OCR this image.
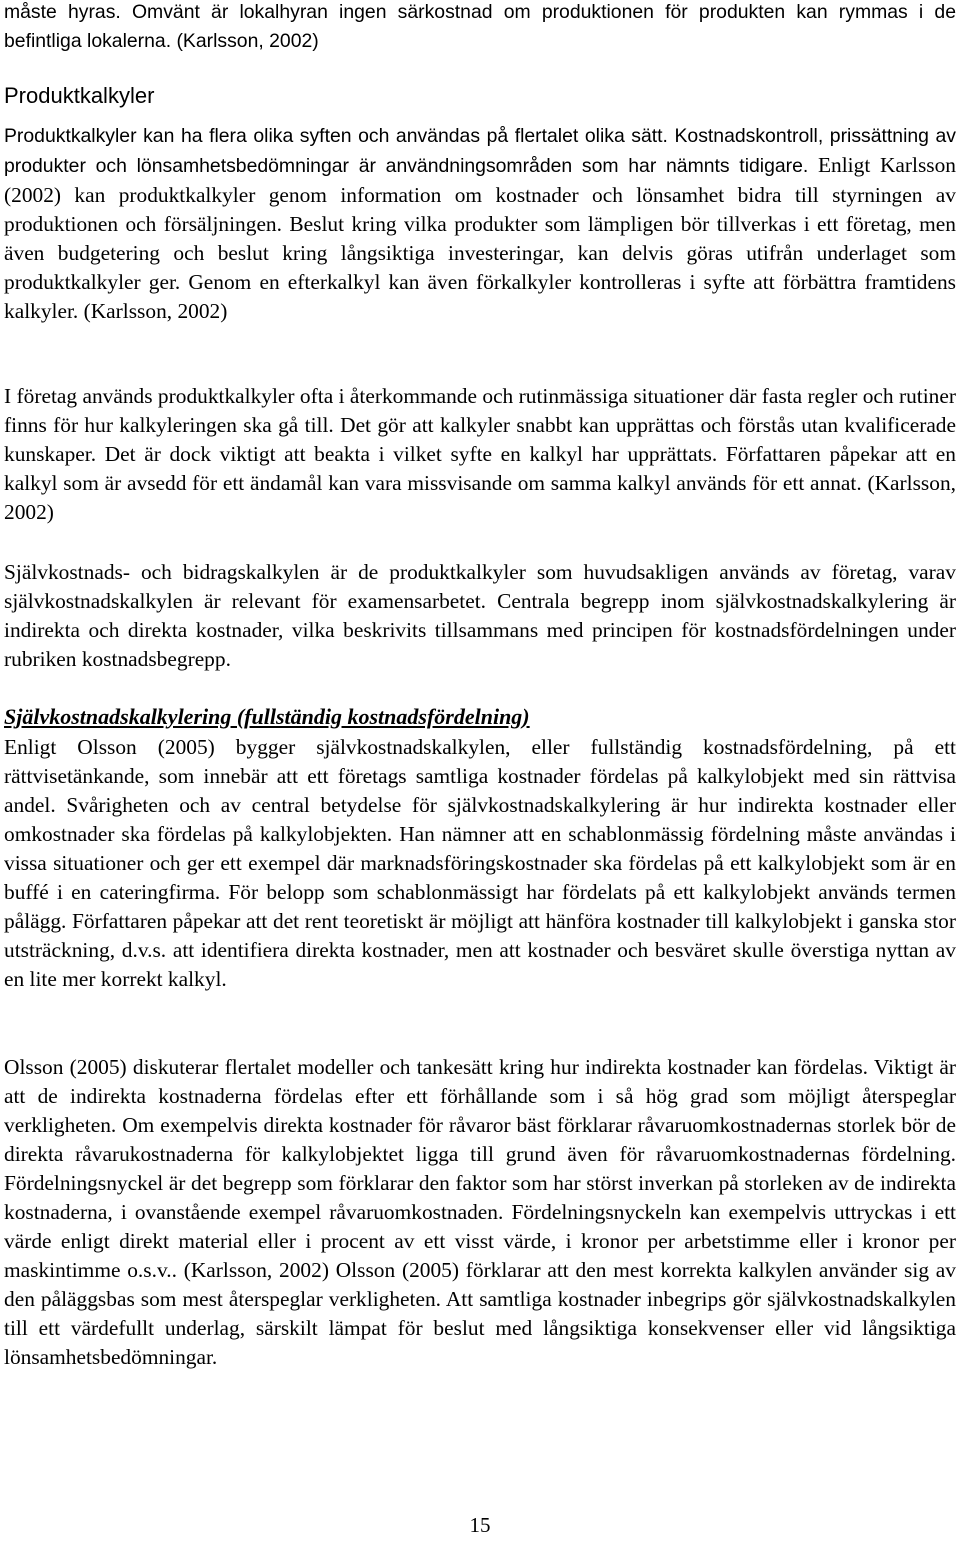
måste hyras. Omvänt är lokalhyran ingen särkostnad om produktionen för produkten kan rymmas i de befintliga lokalerna. (Karlsson, 2002)

Produktkalkyler

Produktkalkyler kan ha flera olika syften och användas på flertalet olika sätt. Kostnadskontroll, prissättning av produkter och lönsamhetsbedömningar är användningsområden som har nämnts tidigare. Enligt Karlsson (2002) kan produktkalkyler genom information om kostnader och lönsamhet bidra till styrningen av produktionen och försäljningen. Beslut kring vilka produkter som lämpligen bör tillverkas i ett företag, men även budgetering och beslut kring långsiktiga investeringar, kan delvis göras utifrån underlaget som produktkalkyler ger. Genom en efterkalkyl kan även förkalkyler kontrolleras i syfte att förbättra framtidens kalkyler. (Karlsson, 2002)

I företag används produktkalkyler ofta i återkommande och rutinmässiga situationer där fasta regler och rutiner finns för hur kalkyleringen ska gå till. Det gör att kalkyler snabbt kan upprättas och förstås utan kvalificerade kunskaper. Det är dock viktigt att beakta i vilket syfte en kalkyl har upprättats. Författaren påpekar att en kalkyl som är avsedd för ett ändamål kan vara missvisande om samma kalkyl används för ett annat. (Karlsson, 2002)

Självkostnads- och bidragskalkylen är de produktkalkyler som huvudsakligen används av företag, varav självkostnadskalkylen är relevant för examensarbetet. Centrala begrepp inom självkostnadskalkylering är indirekta och direkta kostnader, vilka beskrivits tillsammans med principen för kostnadsfördelningen under rubriken kostnadsbegrepp.

Självkostnadskalkylering (fullständig kostnadsfördelning)

Enligt Olsson (2005) bygger självkostnadskalkylen, eller fullständig kostnadsfördelning, på ett rättvisetänkande, som innebär att ett företags samtliga kostnader fördelas på kalkylobjekt med sin rättvisa andel. Svårigheten och av central betydelse för självkostnadskalkylering är hur indirekta kostnader eller omkostnader ska fördelas på kalkylobjekten. Han nämner att en schablonmässig fördelning måste användas i vissa situationer och ger ett exempel där marknadsföringskostnader ska fördelas på ett kalkylobjekt som är en buffé i en cateringfirma. För belopp som schablonmässigt har fördelats på ett kalkylobjekt används termen pålägg. Författaren påpekar att det rent teoretiskt är möjligt att hänföra kostnader till kalkylobjekt i ganska stor utsträckning, d.v.s. att identifiera direkta kostnader, men att kostnader och besväret skulle överstiga nyttan av en lite mer korrekt kalkyl.

Olsson (2005) diskuterar flertalet modeller och tankesätt kring hur indirekta kostnader kan fördelas. Viktigt är att de indirekta kostnaderna fördelas efter ett förhållande som i så hög grad som möjligt återspeglar verkligheten. Om exempelvis direkta kostnader för råvaror bäst förklarar råvaruomkostnadernas storlek bör de direkta råvarukostnaderna för kalkylobjektet ligga till grund även för råvaruomkostnadernas fördelning. Fördelningsnyckel är det begrepp som förklarar den faktor som har störst inverkan på storleken av de indirekta kostnaderna, i ovanstående exempel råvaruomkostnaden. Fördelningsnyckeln kan exempelvis uttryckas i ett värde enligt direkt material eller i procent av ett visst värde, i kronor per arbetstimme eller i kronor per maskintimme o.s.v.. (Karlsson, 2002) Olsson (2005) förklarar att den mest korrekta kalkylen använder sig av den påläggsbas som mest återspeglar verkligheten. Att samtliga kostnader inbegrips gör självkostnadskalkylen till ett värdefullt underlag, särskilt lämpat för beslut med långsiktiga konsekvenser eller vid långsiktiga lönsamhetsbedömningar.

15
